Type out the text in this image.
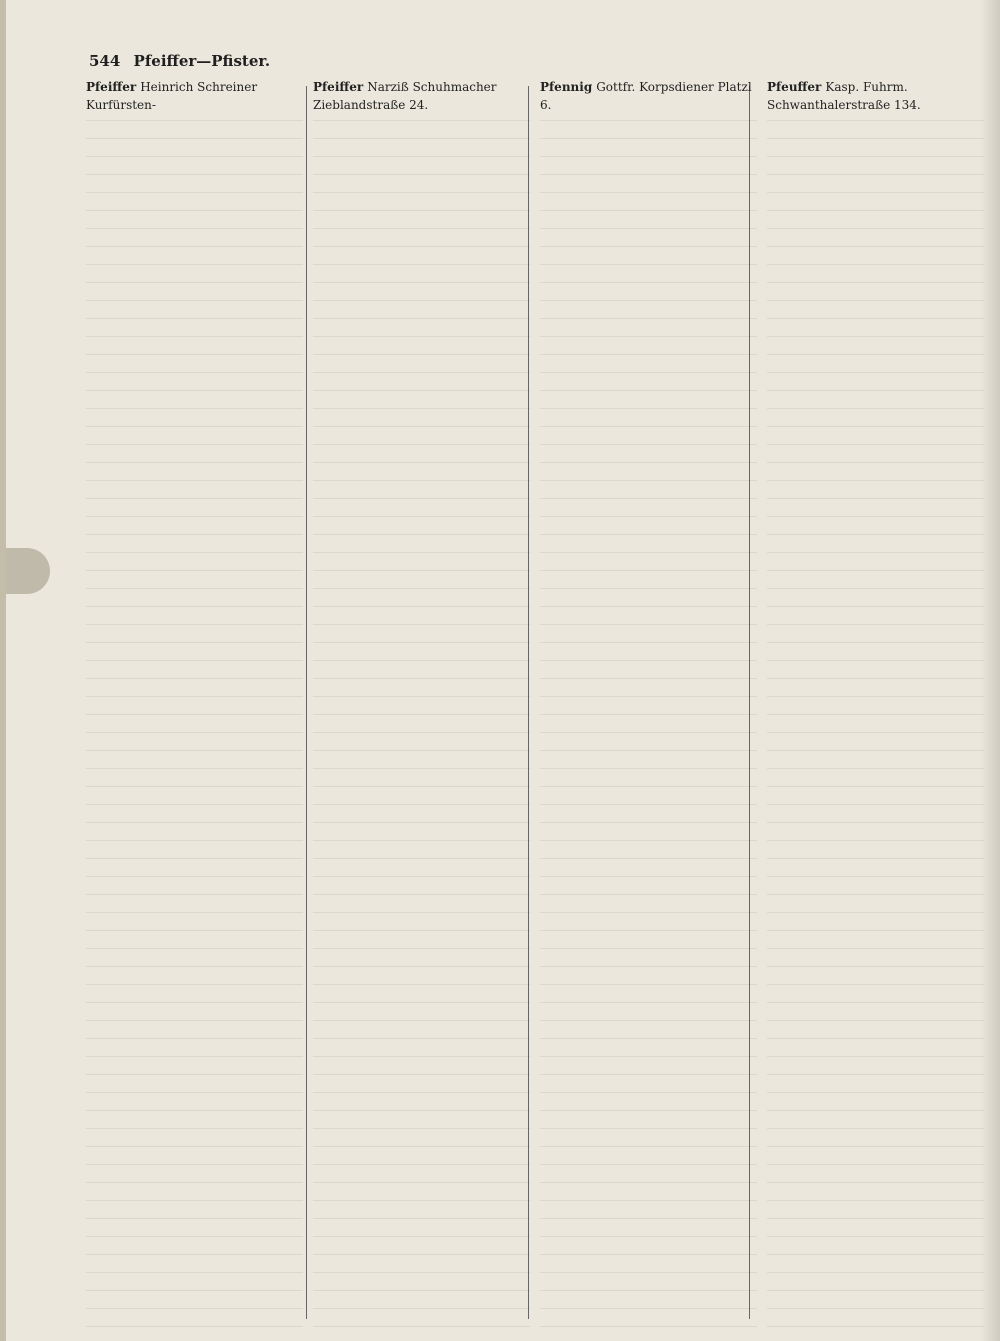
544 Pfeiffer—Pfister.
Pfeiffer Heinrich Schreiner Kurfürsten-
Pfeiffer Narziß Schuhmacher Zieblandstraße 24.
Pfennig Gottfr. Korpsdiener Platzl 6.
Pfeuffer Kasp. Fuhrm. Schwanthalerstraße 134.
